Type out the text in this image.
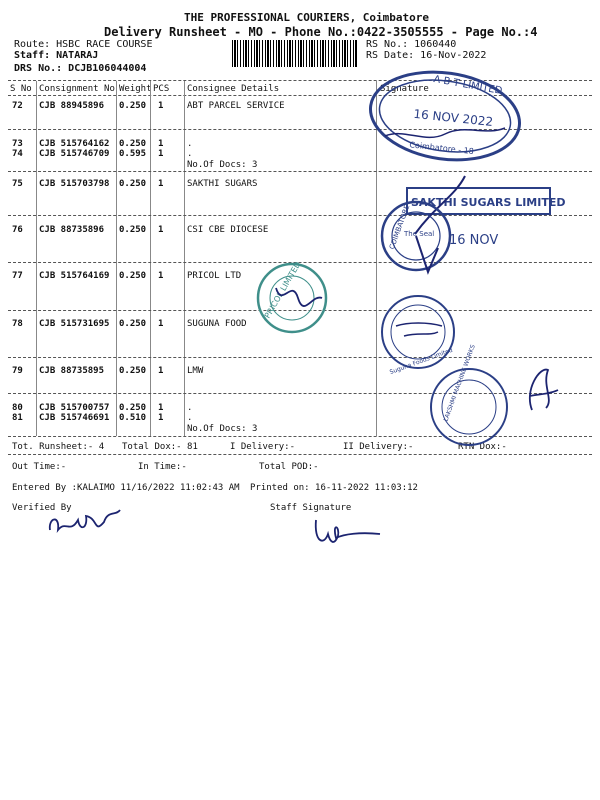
THE PROFESSIONAL COURIERS, Coimbatore
Delivery Runsheet - MO - Phone No.:0422-3505555 - Page No.:4
Route: HSBC RACE COURSE
Staff: NATARAJ
DRS No.: DCJB106044004
RS No.: 1060440
RS Date: 16-Nov-2022
S No Consignment No Weight PCS Consignee Details	Signature
72 CJB 88945896 0.250 1	ABT PARCEL SERVICE
73 CJB 515764162 0.250 1	.
74 CJB 515746709 0.595 1	.
No.Of Docs: 3
75 CJB 515703798 0.250 1	SAKTHI SUGARS
76 CJB 88735896 0.250 1	CSI CBE DIOCESE
77 CJB 515764169 0.250 1	PRICOL LTD
78 CJB 515731695 0.250 1	SUGUNA FOOD
79 CJB 88735895 0.250 1	LMW
80 CJB 515700757 0.250 1	.
81 CJB 515746691 0.510 1	.
No.Of Docs: 3
Tot. Runsheet:- 4 Total Dox:- 81	I Delivery:-	II Delivery:-	RTN Dox:-
Out Time:-	In Time:-	Total POD:-
Entered By :KALAIMO 11/16/2022 11:02:43 AM Printed on: 16-11-2022 11:03:12
Verified By	Staff Signature
A B T LIMITED
16 NOV 2022
Coimbatore - 18
SAKTHI SUGARS LIMITED
16 NOV
COIMBATORE
The Seal
PRICOL LIMITED
Suguna Foods Limited
LAKSHMI MACHINE WORKS
